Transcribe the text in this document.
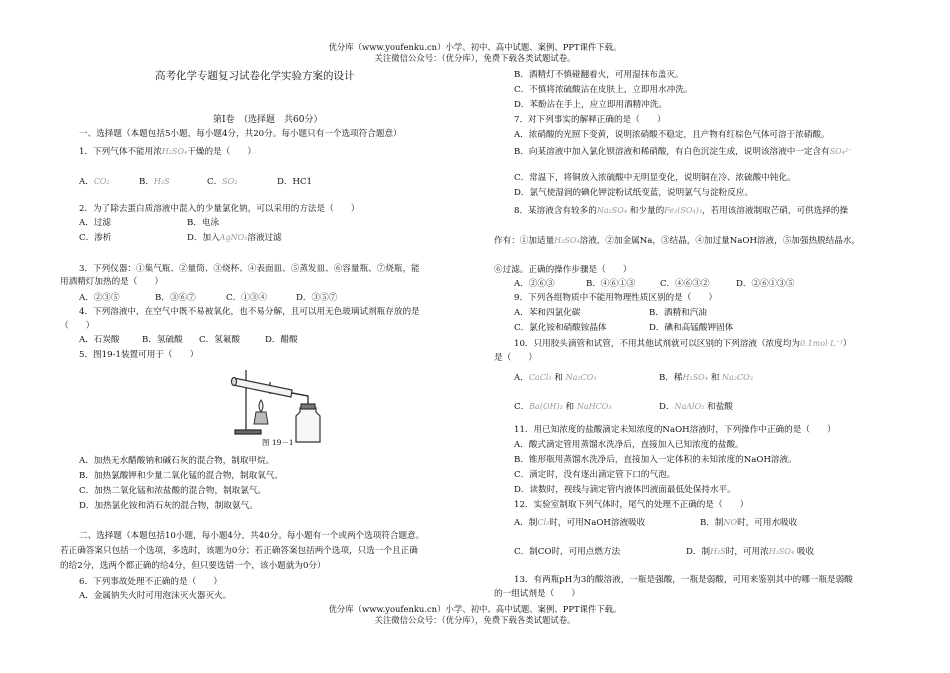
优分库（www.youfenku.cn）小学、初中、高中试题、案例、PPT课件下载。
关注微信公众号：（优分库），免费下载各类试题试卷。
高考化学专题复习试卷化学实验方案的设计
第Ⅰ卷　（选择题　共60分）
一、选择题（本题包括5小题，每小题4分，共20分。每小题只有一个选项符合题意）
1．下列气体不能用浓H₂SO₄干燥的是（　　）
A．CO₂	B．H₂S	C．SO₂	D．HC1
2．为了除去蛋白质溶液中混入的少量氯化钠，可以采用的方法是（　　）
A．过滤	B．电泳
C．渗析	D．加入AgNO₃溶液过滤
3．下列仪器：①集气瓶、②量筒、③烧杯、④表面皿、⑤蒸发皿、⑥容量瓶、⑦烧瓶，能
用酒精灯加热的是（　　）
A．②③⑤	B．③⑥⑦	C．①③④	D．③⑤⑦
4．下列溶液中，在空气中既不易被氧化，也不易分解，且可以用无色玻璃试剂瓶存放的是
（　　）
A．石炭酸	B．氢硫酸 C．氢氟酸	D．醋酸
5．图19-1装置可用于（　　）
图 19－1
A．加热无水醋酸钠和碱石灰的混合物，制取甲烷。
B．加热氯酸钾和少量二氧化锰的混合物，制取氧气。
C．加热二氧化锰和浓盐酸的混合物，制取氯气。
D．加热氯化铵和消石灰的混合物，制取氨气。
二、选择题（本题包括10小题，每小题4分，共40分。每小题有一个或两个选项符合题意。
若正确答案只包括一个选项，多选时，该题为0分；若正确答案包括两个选项，只选一个且正确
的给2分，选两个都正确的给4分，但只要选错一个，该小题就为0分）
6．下列事故处理不正确的是（　　）
A．金属钠失火时可用泡沫灭火器灭火。
B．酒精灯不慎碰翻着火，可用湿抹布盖灭。
C．不慎将浓硫酸沾在皮肤上，立即用水冲洗。
D．苯酚沾在手上，应立即用酒精冲洗。
7．对下列事实的解释正确的是（　　）
A．浓硝酸的光照下变黄，说明浓硝酸不稳定，且产物有红棕色气体可溶于浓硝酸。
B．向某溶液中加入氯化钡溶液和稀硝酸，有白色沉淀生成，说明该溶液中一定含有SO₄²⁻
C．常温下，将铜放入浓硫酸中无明显变化，说明铜在冷、浓硫酸中钝化。
D．氯气使湿润的碘化钾淀粉试纸变蓝，说明氯气与淀粉反应。
8．某溶液含有较多的Na₂SO₄ 和少量的Fe₂(SO₄)₃，若用该溶液制取芒硝，可供选择的操
作有：①加适量H₂SO₄溶液，②加金属Na，③结晶，④加过量NaOH溶液，⑤加强热脱结晶水，
⑥过滤。正确的操作步骤是（　　）
A．②⑥③	B．④⑥①③	C．④⑥③②	D．②⑥①③⑤
9．下列各组物质中不能用物理性质区别的是（　　）
A．苯和四氯化碳	B．酒精和汽油
C．氯化铵和硝酸铵晶体	D．碘和高锰酸钾固体
10．只用胶头滴管和试管，不用其他试剂就可以区别的下列溶液（浓度均为0.1mol·L⁻¹）
是（　　）
A．CaCl₂ 和 Na₂CO₃	B．稀H₂SO₄ 和 Na₂CO₃
C．Ba(OH)₂ 和 NaHCO₃	D．NaAlO₂ 和盐酸
11．用已知浓度的盐酸滴定未知浓度的NaOH溶液时，下列操作中正确的是（　　）
A．酸式滴定管用蒸馏水洗净后，直接加入已知浓度的盐酸。
B．锥形瓶用蒸馏水洗净后，直接加入一定体积的未知浓度的NaOH溶液。
C．滴定时，没有逐出滴定管下口的气泡。
D．读数时，视线与滴定管内液体凹液面最低处保持水平。
12．实验室制取下列气体时，尾气的处理不正确的是（　　）
A．制Cl₂时，可用NaOH溶液吸收	B．制NO时，可用水吸收
C．制CO时，可用点燃方法	D．制H₂S时，可用浓H₂SO₄ 吸收
13．有两瓶pH为3的酸溶液，一瓶是强酸，一瓶是弱酸，可用来鉴别其中的哪一瓶是弱酸
的一组试剂是（　　）
优分库（www.youfenku.cn）小学、初中、高中试题、案例、PPT课件下载。
关注微信公众号：（优分库），免费下载各类试题试卷。
